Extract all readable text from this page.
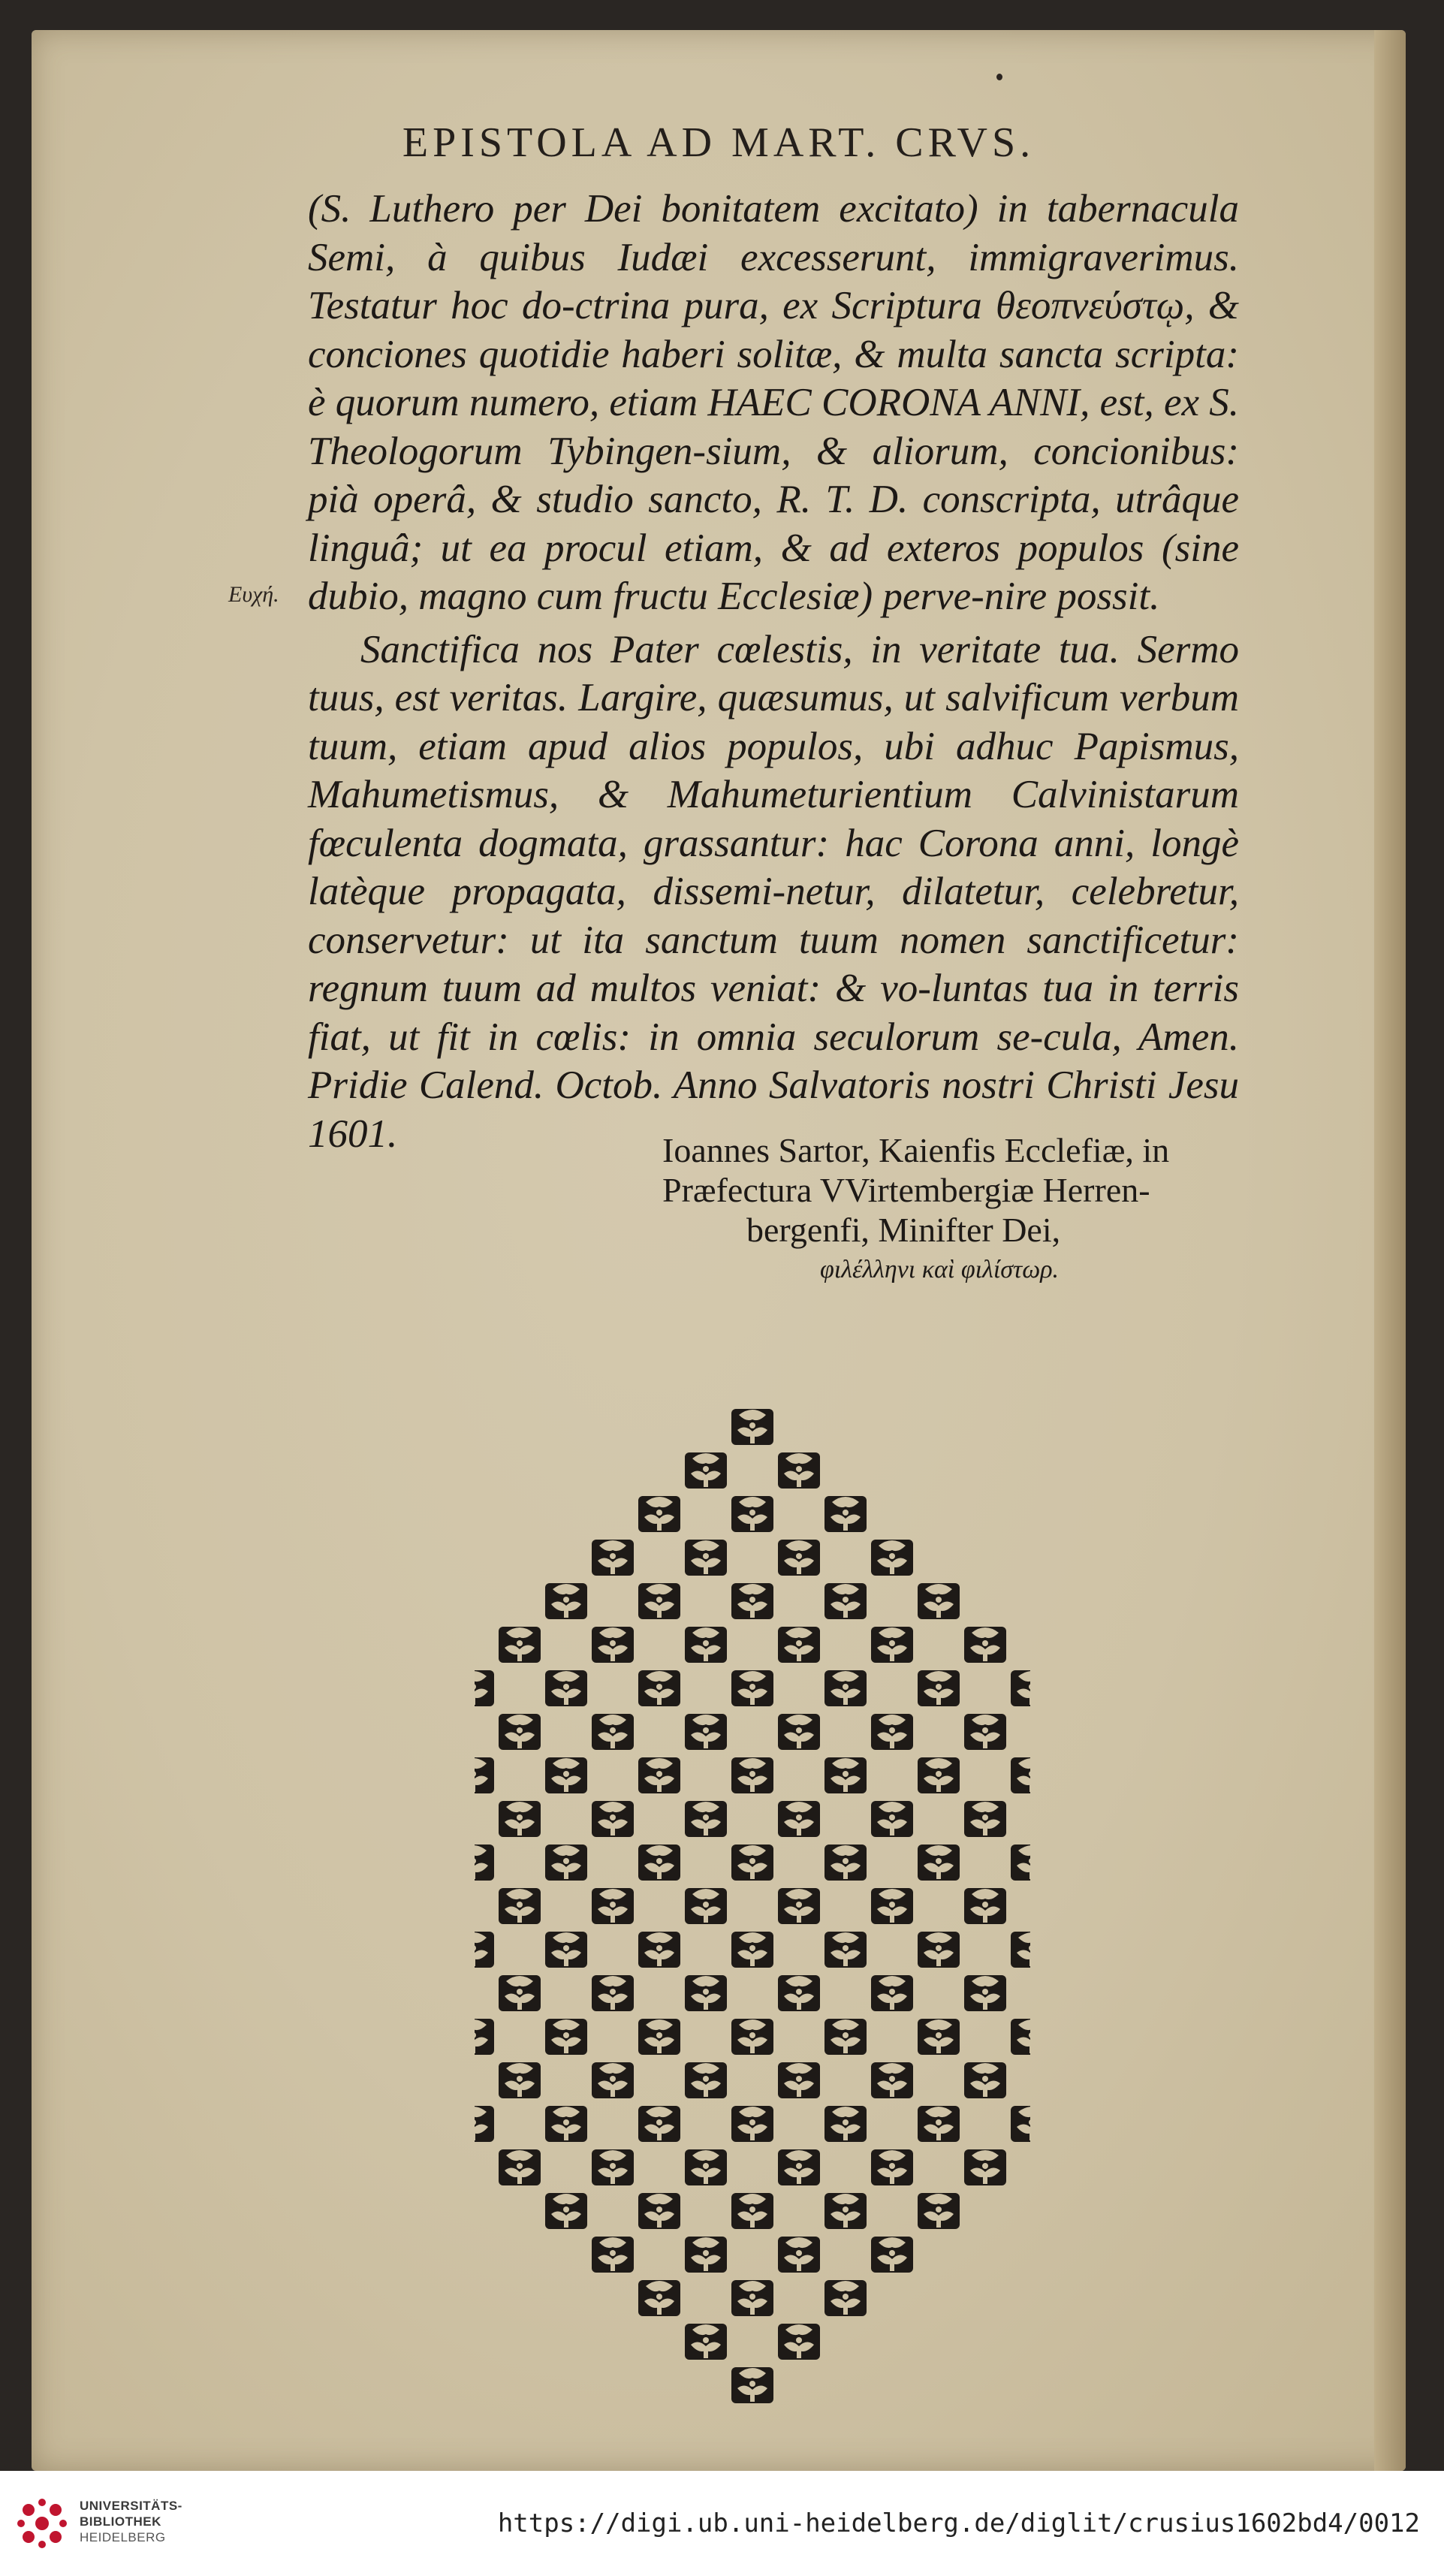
EPISTOLA AD MART. CRVS.
Ευχή.

(S. Luthero per Dei bonitatem excitato) in tabernacula Semi, à quibus Iudæi excesserunt, immigraverimus. Testatur hoc do-ctrina pura, ex Scriptura θεοπνεύστῳ, & conciones quotidie haberi solitæ, & multa sancta scripta: è quorum numero, etiam HAEC CORONA ANNI, est, ex S. Theologorum Tybingen-sium, & aliorum, concionibus: pià operâ, & studio sancto, R. T. D. conscripta, utrâque linguâ; ut ea procul etiam, & ad exteros populos (sine dubio, magno cum fructu Ecclesiæ) perve-nire possit.

Sanctifica nos Pater cœlestis, in veritate tua. Sermo tuus, est veritas. Largire, quæsumus, ut salvificum verbum tuum, etiam apud alios populos, ubi adhuc Papismus, Mahumetismus, & Mahumeturientium Calvinistarum fœculenta dogmata, grassantur: hac Corona anni, longè latèque propagata, dissemi-netur, dilatetur, celebretur, conservetur: ut ita sanctum tuum nomen sanctificetur: regnum tuum ad multos veniat: & vo-luntas tua in terris fiat, ut fit in cœlis: in omnia seculorum se-cula, Amen. Pridie Calend. Octob. Anno Salvatoris nostri Christi Jesu 1601.	Ioannes Sartor, Kaienfis Ecclefiæ, in
Præfectura VVirtembergiæ Herren-
bergenfi, Minifter Dei,
φιλέλληνι καὶ φιλίστωρ.
UNIVERSITÄTS-
BIBLIOTHEK
HEIDELBERG	https://digi.ub.uni-heidelberg.de/diglit/crusius1602bd4/0012
